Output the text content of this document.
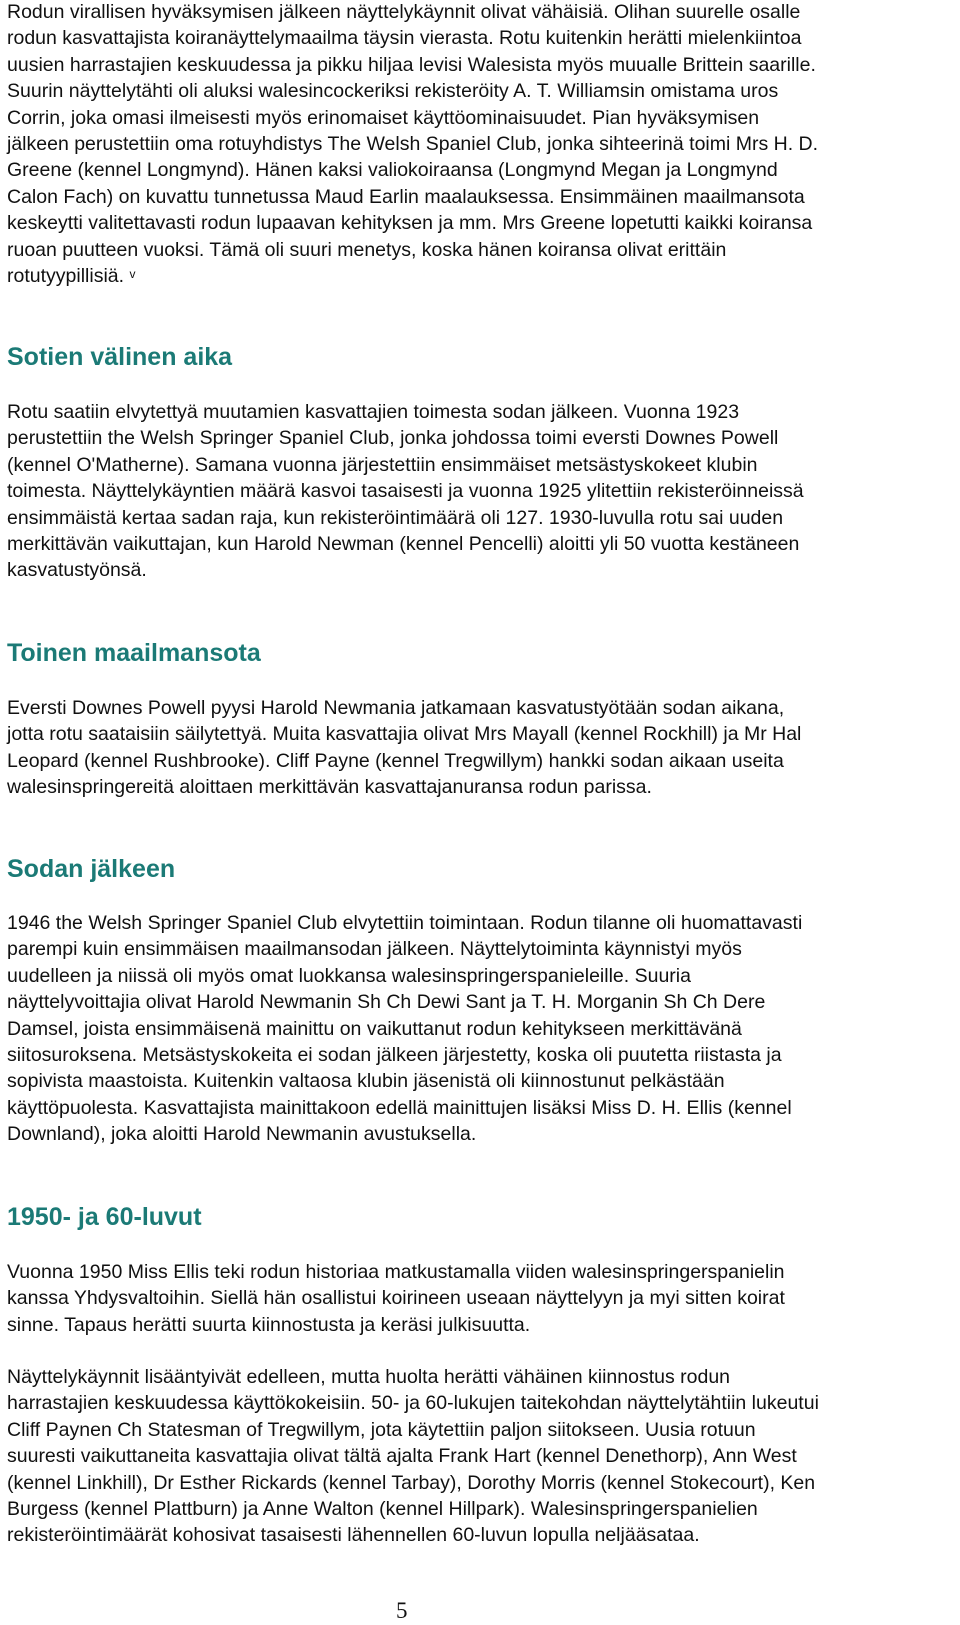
Rodun virallisen hyväksymisen jälkeen näyttelykäynnit olivat vähäisiä. Olihan suurelle osalle
rodun kasvattajista koiranäyttelymaailma täysin vierasta. Rotu kuitenkin herätti mielenkiintoa
uusien harrastajien keskuudessa ja pikku hiljaa levisi Walesista myös muualle Brittein saarille.
Suurin näyttelytähti oli aluksi walesincockeriksi rekisteröity A. T. Williamsin omistama uros
Corrin, joka omasi ilmeisesti myös erinomaiset käyttöominaisuudet. Pian hyväksymisen
jälkeen perustettiin oma rotuyhdistys The Welsh Spaniel Club, jonka sihteerinä toimi Mrs H. D.
Greene (kennel Longmynd). Hänen kaksi valiokoiraansa (Longmynd Megan ja Longmynd
Calon Fach) on kuvattu tunnetussa Maud Earlin maalauksessa. Ensimmäinen maailmansota
keskeytti valitettavasti rodun lupaavan kehityksen ja mm. Mrs Greene lopetutti kaikki koiransa
ruoan puutteen vuoksi. Tämä oli suuri menetys, koska hänen koiransa olivat erittäin
rotutyypillisiä. $^v$

Sotien välinen aika

Rotu saatiin elvytettyä muutamien kasvattajien toimesta sodan jälkeen. Vuonna 1923
perustettiin the Welsh Springer Spaniel Club, jonka johdossa toimi eversti Downes Powell
(kennel O'Matherne). Samana vuonna järjestettiin ensimmäiset metsästyskokeet klubin
toimesta. Näyttelykäyntien määrä kasvoi tasaisesti ja vuonna 1925 ylitettiin rekisteröinneissä
ensimmäistä kertaa sadan raja, kun rekisteröintimäärä oli 127. 1930-luvulla rotu sai uuden
merkittävän vaikuttajan, kun Harold Newman (kennel Pencelli) aloitti yli 50 vuotta kestäneen
kasvatustyönsä.

Toinen maailmansota

Eversti Downes Powell pyysi Harold Newmania jatkamaan kasvatustyötään sodan aikana,
jotta rotu saataisiin säilytettyä. Muita kasvattajia olivat Mrs Mayall (kennel Rockhill) ja Mr Hal
Leopard (kennel Rushbrooke). Cliff Payne (kennel Tregwillym) hankki sodan aikaan useita
walesinspringereitä aloittaen merkittävän kasvattajanuransa rodun parissa.

Sodan jälkeen

1946 the Welsh Springer Spaniel Club elvytettiin toimintaan. Rodun tilanne oli huomattavasti
parempi kuin ensimmäisen maailmansodan jälkeen. Näyttelytoiminta käynnistyi myös
uudelleen ja niissä oli myös omat luokkansa walesinspringerspanieleille. Suuria
näyttelyvoittajia olivat Harold Newmanin Sh Ch Dewi Sant ja T. H. Morganin Sh Ch Dere
Damsel, joista ensimmäisenä mainittu on vaikuttanut rodun kehitykseen merkittävänä
siitosuroksena. Metsästyskokeita ei sodan jälkeen järjestetty, koska oli puutetta riistasta ja
sopivista maastoista. Kuitenkin valtaosa klubin jäsenistä oli kiinnostunut pelkästään
käyttöpuolesta. Kasvattajista mainittakoon edellä mainittujen lisäksi Miss D. H. Ellis (kennel
Downland), joka aloitti Harold Newmanin avustuksella.

1950- ja 60-luvut

Vuonna 1950 Miss Ellis teki rodun historiaa matkustamalla viiden walesinspringerspanielin
kanssa Yhdysvaltoihin. Siellä hän osallistui koirineen useaan näyttelyyn ja myi sitten koirat
sinne. Tapaus herätti suurta kiinnostusta ja keräsi julkisuutta.

Näyttelykäynnit lisääntyivät edelleen, mutta huolta herätti vähäinen kiinnostus rodun
harrastajien keskuudessa käyttökokeisiin. 50- ja 60-lukujen taitekohdan näyttelytähtiin lukeutui
Cliff Paynen Ch Statesman of Tregwillym, jota käytettiin paljon siitokseen. Uusia rotuun
suuresti vaikuttaneita kasvattajia olivat tältä ajalta Frank Hart (kennel Denethorp), Ann West
(kennel Linkhill), Dr Esther Rickards (kennel Tarbay), Dorothy Morris (kennel Stokecourt), Ken
Burgess (kennel Plattburn) ja Anne Walton (kennel Hillpark). Walesinspringerspanielien
rekisteröintimäärät kohosivat tasaisesti lähennellen 60-luvun lopulla neljääsataa.

5
